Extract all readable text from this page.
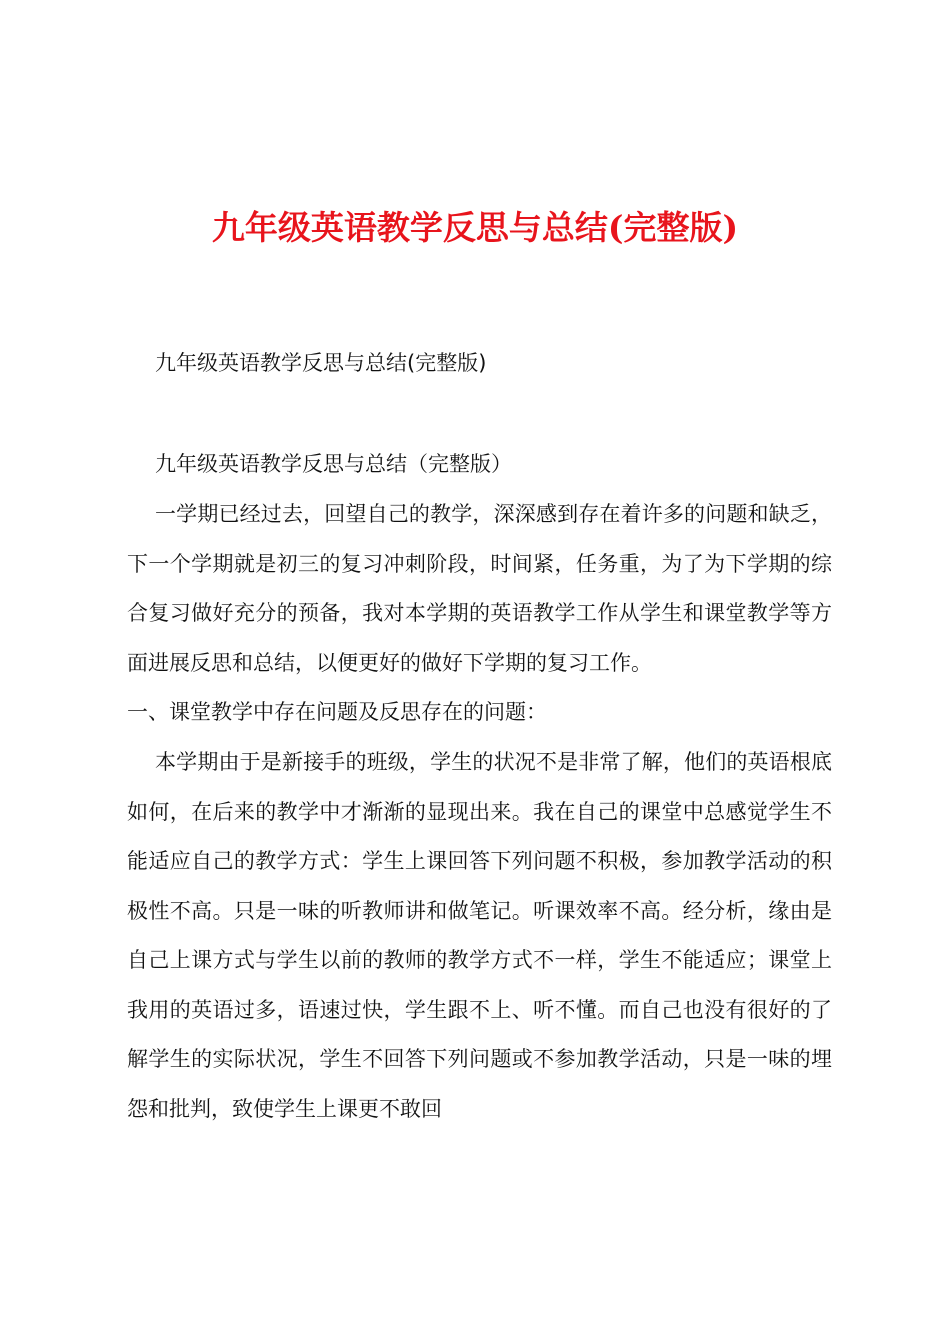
九年级英语教学反思与总结(完整版)
九年级英语教学反思与总结(完整版)
九年级英语教学反思与总结（完整版）
一学期已经过去，回望自己的教学，深深感到存在着许多的问题和缺乏，下一个学期就是初三的复习冲刺阶段，时间紧，任务重，为了为下学期的综合复习做好充分的预备，我对本学期的英语教学工作从学生和课堂教学等方面进展反思和总结，以便更好的做好下学期的复习工作。
一、课堂教学中存在问题及反思存在的问题：
本学期由于是新接手的班级，学生的状况不是非常了解，他们的英语根底如何，在后来的教学中才渐渐的显现出来。我在自己的课堂中总感觉学生不能适应自己的教学方式：学生上课回答下列问题不积极，参加教学活动的积极性不高。只是一味的听教师讲和做笔记。听课效率不高。经分析，缘由是自己上课方式与学生以前的教师的教学方式不一样，学生不能适应；课堂上我用的英语过多，语速过快，学生跟不上、听不懂。而自己也没有很好的了解学生的实际状况，学生不回答下列问题或不参加教学活动，只是一味的埋怨和批判，致使学生上课更不敢回
